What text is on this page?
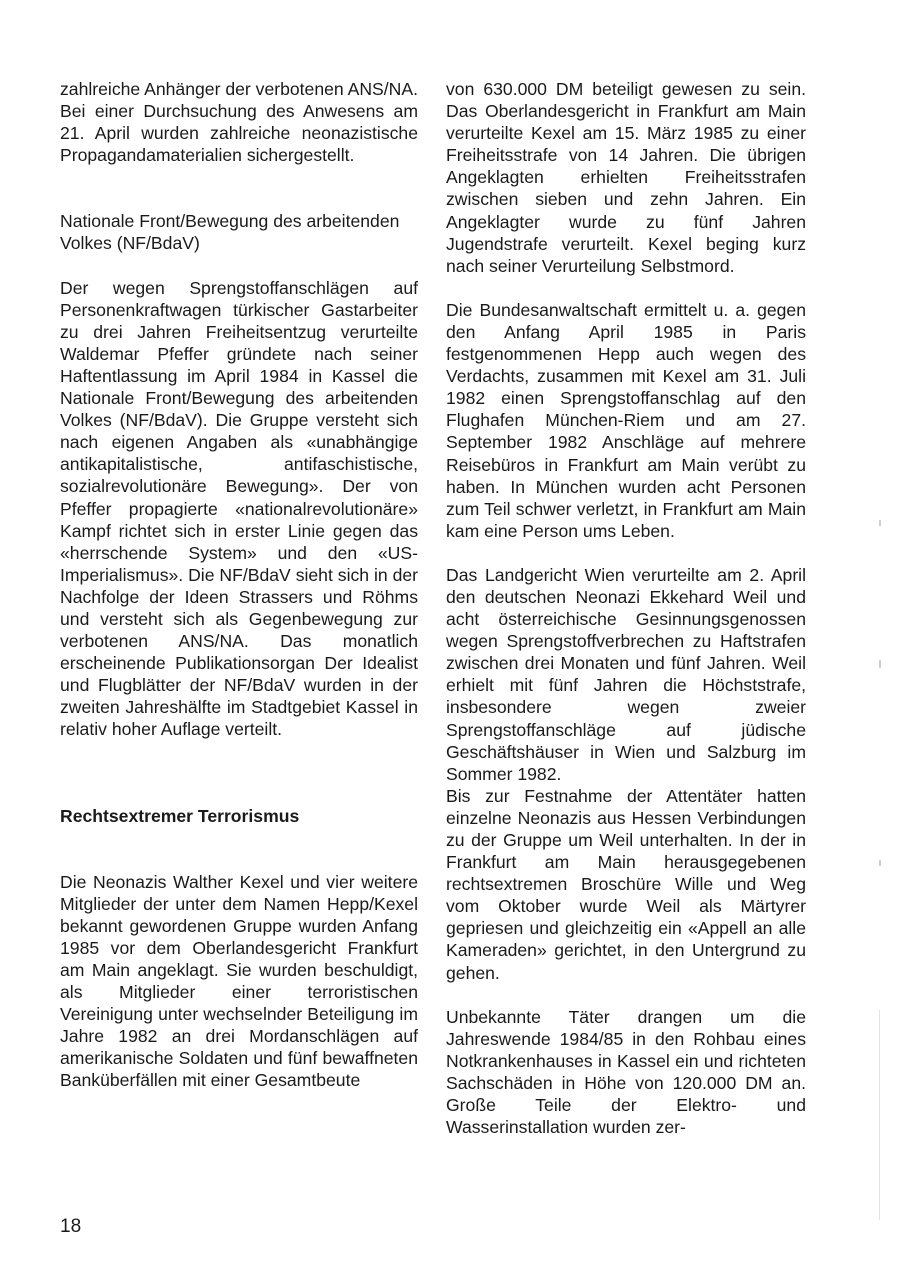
zahlreiche Anhänger der verbotenen ANS/NA. Bei einer Durchsuchung des Anwesens am 21. April wurden zahlreiche neonazistische Propagandamaterialien sichergestellt.

Nationale Front/Bewegung des arbeitenden Volkes (NF/BdaV)

Der wegen Sprengstoffanschlägen auf Personenkraftwagen türkischer Gastarbeiter zu drei Jahren Freiheitsentzug verurteilte Waldemar Pfeffer gründete nach seiner Haftentlassung im April 1984 in Kassel die Nationale Front/Bewegung des arbeitenden Volkes (NF/BdaV). Die Gruppe versteht sich nach eigenen Angaben als «unabhängige antikapitalistische, antifaschistische, sozialrevolutionäre Bewegung». Der von Pfeffer propagierte «nationalrevolutionäre» Kampf richtet sich in erster Linie gegen das «herrschende System» und den «US-Imperialismus». Die NF/BdaV sieht sich in der Nachfolge der Ideen Strassers und Röhms und versteht sich als Gegenbewegung zur verbotenen ANS/NA. Das monatlich erscheinende Publikationsorgan Der Idealist und Flugblätter der NF/BdaV wurden in der zweiten Jahreshälfte im Stadtgebiet Kassel in relativ hoher Auflage verteilt.

Rechtsextremer Terrorismus

Die Neonazis Walther Kexel und vier weitere Mitglieder der unter dem Namen Hepp/Kexel bekannt gewordenen Gruppe wurden Anfang 1985 vor dem Oberlandesgericht Frankfurt am Main angeklagt. Sie wurden beschuldigt, als Mitglieder einer terroristischen Vereinigung unter wechselnder Beteiligung im Jahre 1982 an drei Mordanschlägen auf amerikanische Soldaten und fünf bewaffneten Banküberfällen mit einer Gesamtbeute

von 630.000 DM beteiligt gewesen zu sein. Das Oberlandesgericht in Frankfurt am Main verurteilte Kexel am 15. März 1985 zu einer Freiheitsstrafe von 14 Jahren. Die übrigen Angeklagten erhielten Freiheitsstrafen zwischen sieben und zehn Jahren. Ein Angeklagter wurde zu fünf Jahren Jugendstrafe verurteilt. Kexel beging kurz nach seiner Verurteilung Selbstmord.

Die Bundesanwaltschaft ermittelt u. a. gegen den Anfang April 1985 in Paris festgenommenen Hepp auch wegen des Verdachts, zusammen mit Kexel am 31. Juli 1982 einen Sprengstoffanschlag auf den Flughafen München-Riem und am 27. September 1982 Anschläge auf mehrere Reisebüros in Frankfurt am Main verübt zu haben. In München wurden acht Personen zum Teil schwer verletzt, in Frankfurt am Main kam eine Person ums Leben.

Das Landgericht Wien verurteilte am 2. April den deutschen Neonazi Ekkehard Weil und acht österreichische Gesinnungsgenossen wegen Sprengstoffverbrechen zu Haftstrafen zwischen drei Monaten und fünf Jahren. Weil erhielt mit fünf Jahren die Höchststrafe, insbesondere wegen zweier Sprengstoffanschläge auf jüdische Geschäftshäuser in Wien und Salzburg im Sommer 1982.

Bis zur Festnahme der Attentäter hatten einzelne Neonazis aus Hessen Verbindungen zu der Gruppe um Weil unterhalten. In der in Frankfurt am Main herausgegebenen rechtsextremen Broschüre Wille und Weg vom Oktober wurde Weil als Märtyrer gepriesen und gleichzeitig ein «Appell an alle Kameraden» gerichtet, in den Untergrund zu gehen.

Unbekannte Täter drangen um die Jahreswende 1984/85 in den Rohbau eines Notkrankenhauses in Kassel ein und richteten Sachschäden in Höhe von 120.000 DM an. Große Teile der Elektro- und Wasserinstallation wurden zer-

18
